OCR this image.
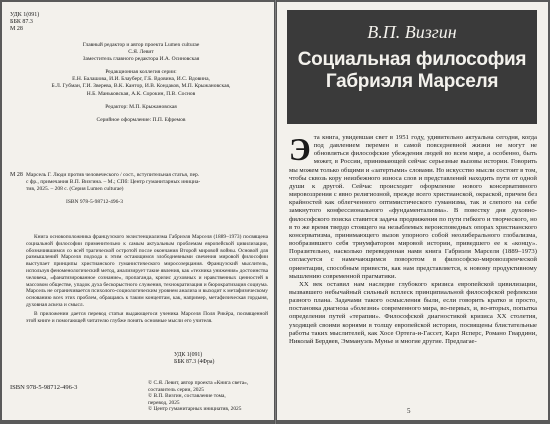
УДК 1(091)

ББК 87.3

М 28

Главный редактор и автор проекта Lumen culturae

С.Я. Левит

Заместитель главного редактора И.А. Осиновская

Редакционная коллегия серии:

Е.Н. Балашова, И.И. Блауберг, Г.Б. Вдовина, И.С. Вдовина,

Б.Л. Губман, Г.И. Зверева, В.К. Кантор, И.В. Кондаков, М.П. Крыжановская,

Н.Б. Маньковская, А.К. Сорокин, П.В. Соснов

Редактор: М.П. Крыжановская

Серийное оформление: П.П. Ефремов

М 28 Марсель Г. Люди против человеческого / сост., вступительная статья, пер.

с фр., примечания В.П. Визгина. – М.; СПб: Центр гуманитарных инициа-

тив, 2025. – 208 с. (Серия Lumen culturae)

ISBN 978-5-98712-496-3

Книга основоположника французского экзистенциализма Габриэля Марселя (1889–1973) посвящена социальной философии применительно к самым актуальным проблемам европейской цивилизации, обозначившимся со всей трагической остротой после окончания Второй мировой войны. Основой для размышлений Марселя подхода к этим остающимся злободневными свечения мировой философии выступает принципы христианского гуманистического миросозерцания. Французский мыслитель, используя феноменологический метод, анализирует такие явления, как «техника унижения» достоинства человека, «фанатизированное сознание», пропаганда, кризис духовных и нравственных ценностей в массовом обществе, упадок духа бескорыстного служения, технократизация и бюрократизация социума. Марсель не ограничивается психолого-социологическим уровнем анализа и выходит к метафизическому основанию всех этих проблем, обращаясь к таким концептам, как, например, метафизическая гордыня, духовная аскеза и смысл.

В приложении дается перевод статьи выдающегося ученика Марселя Поля Рикёра, посвященной этой книге и помогающей читателю глубже понять основные мысли его учителя.

УДК 1(091)

ББК 87.3 (4Фра)

ISBN 978-5-98712-496-3

© С.Я. Левит, автор проекта «Книга света»,

составитель серии, 2025

© В.П. Визгин, составление тома,

перевод, 2025

© Центр гуманитарных инициатив, 2025

В.П. Визгин
Социальная философия
Габриэля Марселя

Эта книга, увидевшая свет в 1951 году, удивительно актуальна сегодня, когда под давлением перемен в самой повседневной жизни не могут не обновляться философские убеждения людей во всем мире, а особенно, быть может, в России, принимающей сейчас серьезные вызовы истории. Говорить мы можем только общими и «затертыми» словами. Но искусство мысли состоит в том, чтобы сквозь кору неизбежного износа слов и представлений находить пути от одной души к другой. Сейчас происходит оформление нового консервативного мировоззрения с явно религиозной, прежде всего христианской, окраской, причем без крайностей как облегченного оптимистического гуманизма, так и слепого на себе замкнутого конфессионального «фундаментализма». В повестку дня духовно-философского поиска ставится задача продвижения по пути гибкого и творческого, но в то же время твердо стоящего на незыблемых вероисповедных опорах христианского консерватизма, принимающего вызов упорного собой неолиберального глобализма, вообразившего себя триумфатором мировой истории, приведшего ее к «концу». Поразительно, насколько переведенная нами книга Габриэля Марселя (1889–1973) согласуется с намечающимся поворотом в философско-мировоззренческой ориентации, способным привести, как нам представляется, к новому продуктивному мышлению современной прагматики.

XX век оставил нам наследие глубокого кризиса европейской цивилизации, вызвавшего небычайный сильный всплеск принципиальной философской рефлексии разного плана. Задачами такого осмысления были, если говорить кратко и просто, постановка диагноза «болезни» современного мира, во-первых, и, во-вторых, попытка определения путей «терапии». Философской диагностикой кризиса XX столетия, уходящей своими корнями в толщу европейской истории, посвящены блистательные работы таких мыслителей, как Хосе Ортега-и-Гассет, Карл Ясперс, Романо Гвардини, Николай Бердяев, Эммануэль Мунье и многие другие. Предлагае-

5
